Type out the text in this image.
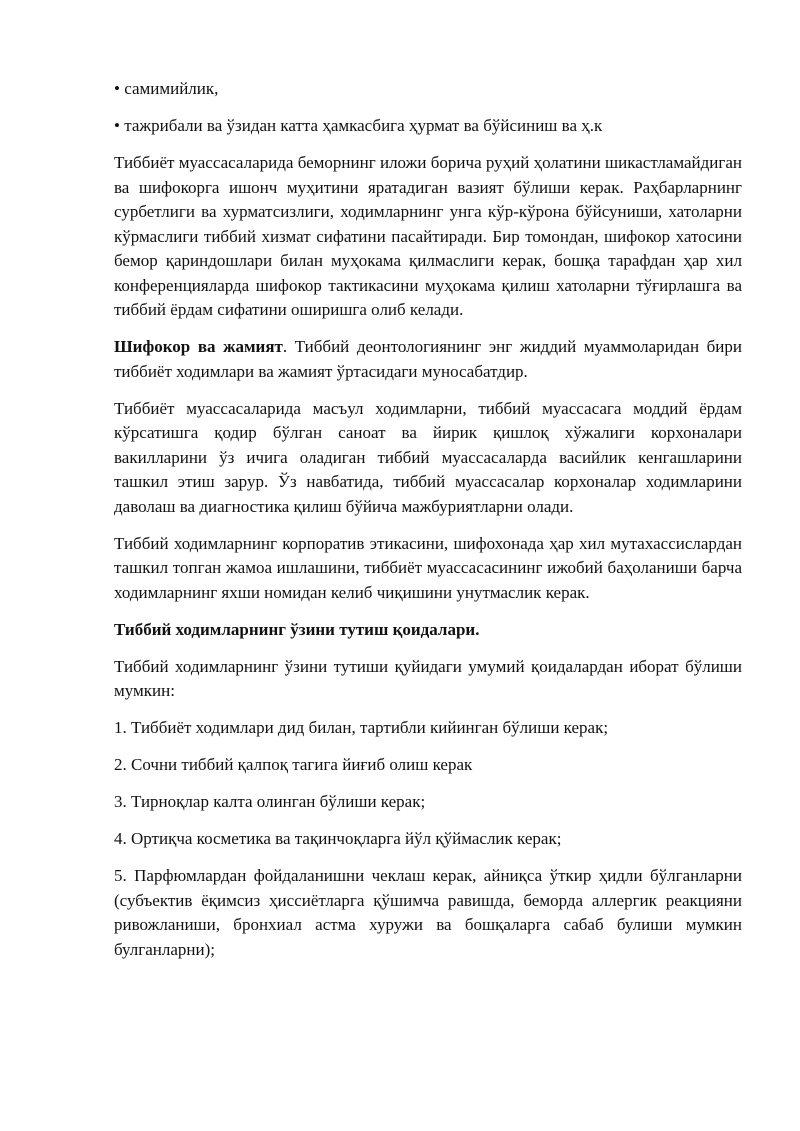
• самимийлик,

• тажрибали ва ўзидан катта ҳамкасбига ҳурмат ва бўйсиниш ва ҳ.к

Тиббиёт муассасаларида беморнинг иложи борича руҳий ҳолатини шикастламайдиган ва шифокорга ишонч муҳитини яратадиган вазият бўлиши керак. Раҳбарларнинг сурбетлиги ва хурматсизлиги, ходимларнинг унга кўр-кўрона бўйсуниши, хатоларни кўрмаслиги тиббий хизмат сифатини пасайтиради. Бир томондан, шифокор хатосини бемор қариндошлари билан муҳокама қилмаслиги керак, бошқа тарафдан ҳар хил конференцияларда шифокор тактикасини муҳокама қилиш хатоларни тўғирлашга ва тиббий ёрдам сифатини оширишга олиб келади.

Шифокор ва жамият. Тиббий деонтологиянинг энг жиддий муаммоларидан бири тиббиёт ходимлари ва жамият ўртасидаги муносабатдир.

Тиббиёт муассасаларида масъул ходимларни, тиббий муассасага моддий ёрдам кўрсатишга қодир бўлган саноат ва йирик қишлоқ хўжалиги корхоналари вакилларини ўз ичига оладиган тиббий муассасаларда васийлик кенгашларини ташкил этиш зарур. Ўз навбатида, тиббий муассасалар корхоналар ходимларини даволаш ва диагностика қилиш бўйича мажбуриятларни олади.

Тиббий ходимларнинг корпоратив этикасини, шифохонада ҳар хил мутахассислардан ташкил топган жамоа ишлашини, тиббиёт муассасасининг ижобий баҳоланиши барча ходимларнинг яхши номидан келиб чиқишини унутмаслик керак.

Тиббий ходимларнинг ўзини тутиш қоидалари.

Тиббий ходимларнинг ўзини тутиши қуйидаги умумий қоидалардан иборат бўлиши мумкин:

1. Тиббиёт ходимлари дид билан, тартибли кийинган бўлиши керак;

2. Сочни тиббий қалпоқ тагига йиғиб олиш керак

3. Тирноқлар калта олинган бўлиши керак;

4. Ортиқча косметика ва тақинчоқларга йўл қўймаслик керак;

5. Парфюмлардан фойдаланишни чеклаш керак, айниқса ўткир ҳидли бўлганларни (субъектив ёқимсиз ҳиссиётларга қўшимча равишда, беморда аллергик реакцияни ривожланиши, бронхиал астма хуружи ва бошқаларга сабаб булиши мумкин булганларни);
